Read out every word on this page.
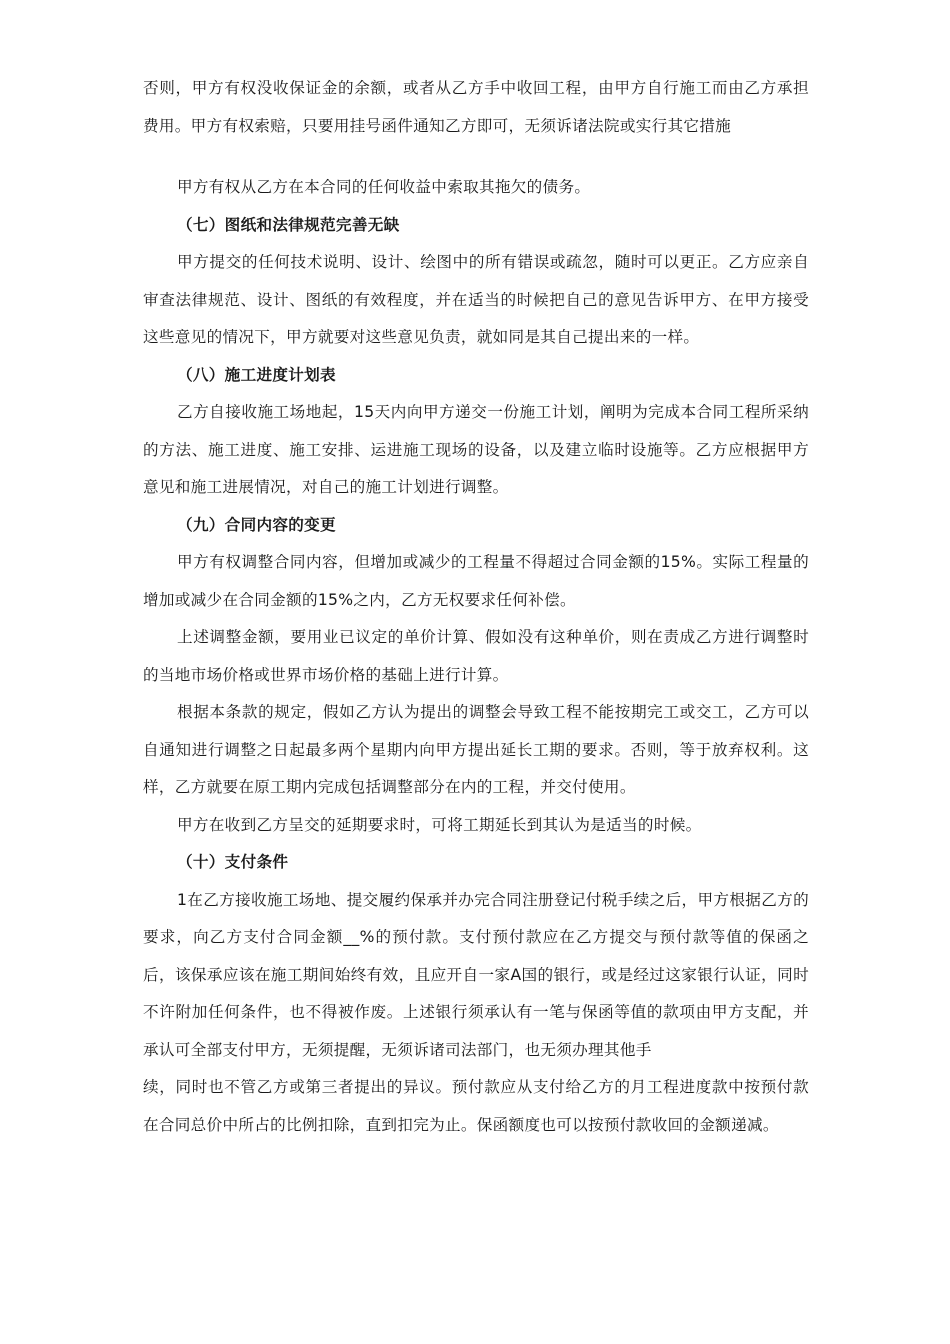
否则，甲方有权没收保证金的余额，或者从乙方手中收回工程，由甲方自行施工而由乙方承担费用。甲方有权索赔，只要用挂号函件通知乙方即可，无须诉诸法院或实行其它措施

甲方有权从乙方在本合同的任何收益中索取其拖欠的债务。

（七）图纸和法律规范完善无缺

甲方提交的任何技术说明、设计、绘图中的所有错误或疏忽，随时可以更正。乙方应亲自审查法律规范、设计、图纸的有效程度，并在适当的时候把自己的意见告诉甲方、在甲方接受这些意见的情况下，甲方就要对这些意见负责，就如同是其自己提出来的一样。

（八）施工进度计划表

乙方自接收施工场地起，15天内向甲方递交一份施工计划，阐明为完成本合同工程所采纳的方法、施工进度、施工安排、运进施工现场的设备，以及建立临时设施等。乙方应根据甲方意见和施工进展情况，对自己的施工计划进行调整。

（九）合同内容的变更

甲方有权调整合同内容，但增加或减少的工程量不得超过合同金额的15%。实际工程量的增加或减少在合同金额的15%之内，乙方无权要求任何补偿。

上述调整金额，要用业已议定的单价计算、假如没有这种单价，则在责成乙方进行调整时的当地市场价格或世界市场价格的基础上进行计算。

根据本条款的规定，假如乙方认为提出的调整会导致工程不能按期完工或交工，乙方可以自通知进行调整之日起最多两个星期内向甲方提出延长工期的要求。否则，等于放弃权利。这样，乙方就要在原工期内完成包括调整部分在内的工程，并交付使用。

甲方在收到乙方呈交的延期要求时，可将工期延长到其认为是适当的时候。

（十）支付条件

1在乙方接收施工场地、提交履约保承并办完合同注册登记付税手续之后，甲方根据乙方的要求，向乙方支付合同金额__%的预付款。支付预付款应在乙方提交与预付款等值的保函之后，该保承应该在施工期间始终有效，且应开自一家A国的银行，或是经过这家银行认证，同时不许附加任何条件，也不得被作废。上述银行须承认有一笔与保函等值的款项由甲方支配，并承认可全部支付甲方，无须提醒，无须诉诸司法部门，也无须办理其他手

续，同时也不管乙方或第三者提出的异议。预付款应从支付给乙方的月工程进度款中按预付款在合同总价中所占的比例扣除，直到扣完为止。保函额度也可以按预付款收回的金额递减。
